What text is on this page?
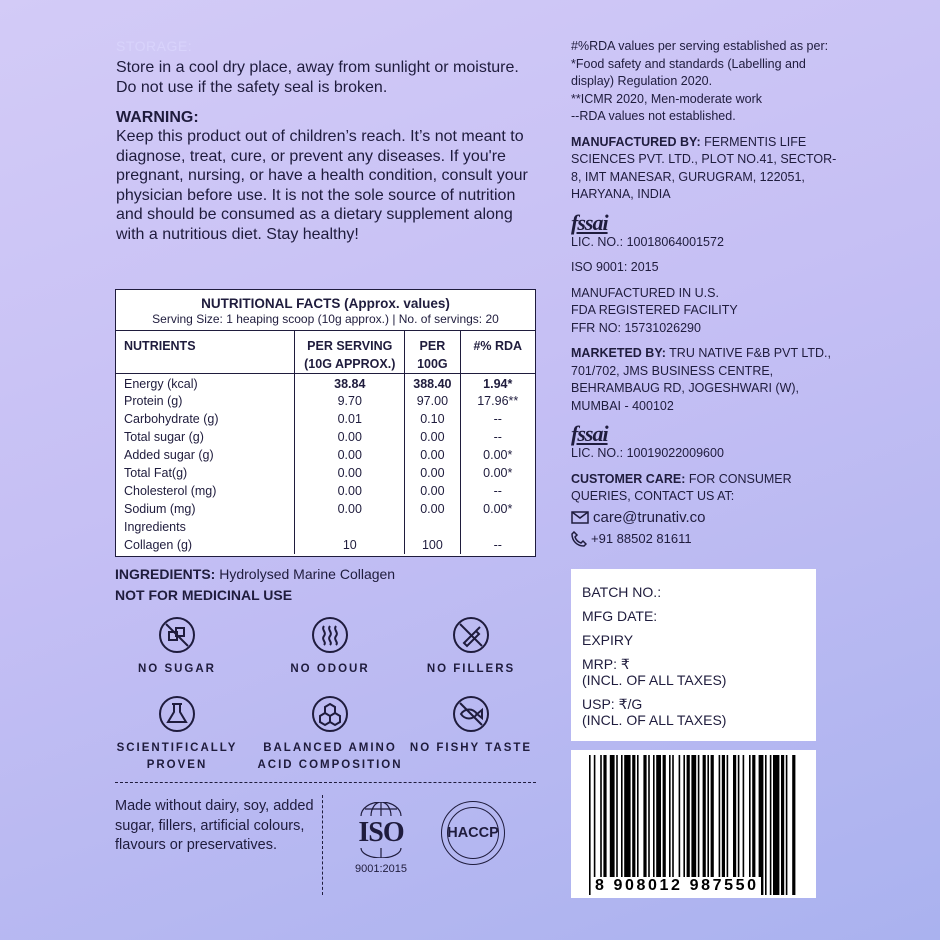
STORAGE:
Store in a cool dry place, away from sunlight or moisture. Do not use if the safety seal is broken.
WARNING:
Keep this product out of children’s reach. It’s not meant to diagnose, treat, cure, or prevent any diseases. If you're pregnant, nursing, or have a health condition, consult your physician before use. It is not the sole source of nutrition and should be consumed as a dietary supplement along with a nutritious diet. Stay healthy!
NUTRITIONAL FACTS (Approx. values)
Serving Size: 1 heaping scoop (10g approx.) | No. of servings: 20
NUTRIENTS	PER SERVING (10G APPROX.)	PER 100G	#% RDA
Energy (kcal)	38.84	388.40	1.94*
Protein (g)	9.70	97.00	17.96**
Carbohydrate (g)	0.01	0.10	--
Total sugar (g)	0.00	0.00	--
Added sugar (g)	0.00	0.00	0.00*
Total Fat(g)	0.00	0.00	0.00*
Cholesterol (mg)	0.00	0.00	--
Sodium (mg)	0.00	0.00	0.00*
Ingredients			
Collagen (g)	10	100	--
INGREDIENTS: Hydrolysed Marine Collagen
NOT FOR MEDICINAL USE
NO SUGAR	NO ODOUR	NO FILLERS
SCIENTIFICALLY PROVEN
BALANCED AMINO ACID COMPOSITION
NO FISHY TASTE
Made without dairy, soy, added sugar, fillers, artificial colours, flavours or preservatives.	ISO
9001:2015
HACCP
#%RDA values per serving established as per:
*Food safety and standards (Labelling and display) Regulation 2020.
**ICMR 2020, Men-moderate work
--RDA values not established.
MANUFACTURED BY: FERMENTIS LIFE SCIENCES PVT. LTD., PLOT NO.41, SECTOR-8, IMT MANESAR, GURUGRAM, 122051, HARYANA, INDIA
fssai
LIC. NO.: 10018064001572
ISO 9001: 2015
MANUFACTURED IN U.S.
FDA REGISTERED FACILITY
FFR NO: 15731026290
MARKETED BY: TRU NATIVE F&B PVT LTD., 701/702, JMS BUSINESS CENTRE, BEHRAMBAUG RD, JOGESHWARI (W), MUMBAI - 400102
fssai
LIC. NO.: 10019022009600
CUSTOMER CARE: FOR CONSUMER QUERIES, CONTACT US AT:
care@trunativ.co
+91 88502 81611
BATCH NO.:
MFG DATE:
EXPIRY
MRP: ₹
(INCL. OF ALL TAXES)
USP: ₹/G
(INCL. OF ALL TAXES)
8 908012 987550
